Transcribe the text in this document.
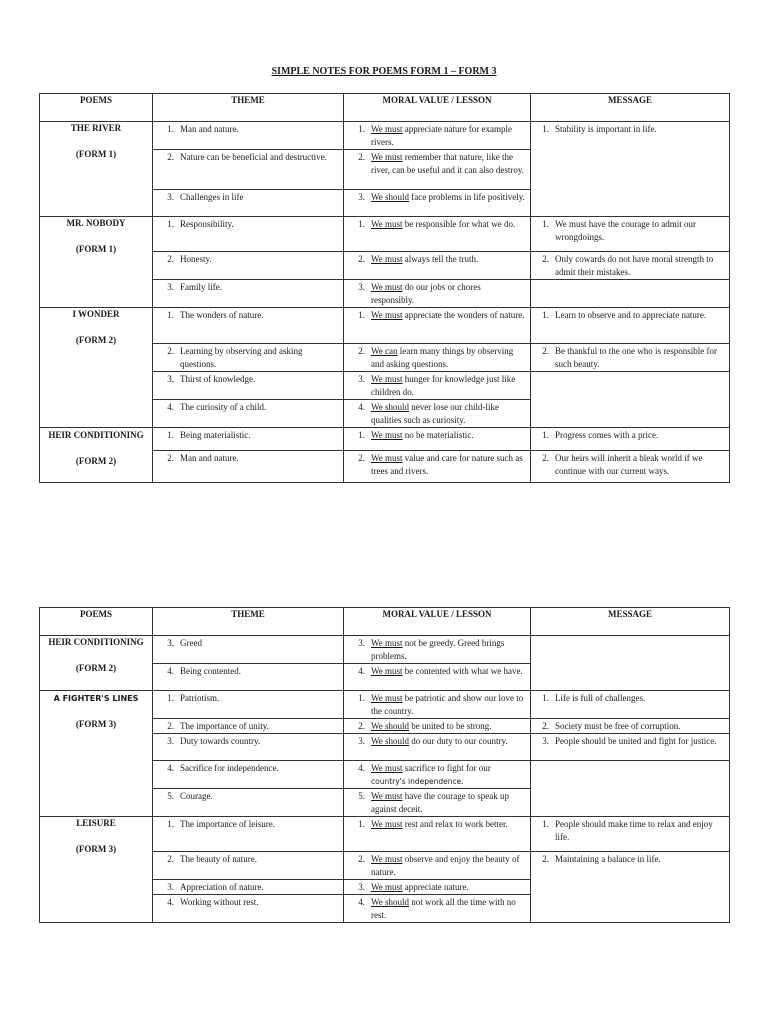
SIMPLE NOTES FOR POEMS FORM 1 – FORM 3
POEMS	THEME	MORAL VALUE / LESSON	MESSAGE

THE RIVER
(FORM 1)	1. Man and nature.	1. We must appreciate nature for example rivers.	1. Stability is important in life.

	2. Nature can be beneficial and destructive.	2. We must remember that nature, like the river, can be useful and it can also destroy.	

	3. Challenges in life	3. We should face problems in life positively.	

MR. NOBODY
(FORM 1)	1. Responsibility.	1. We must be responsible for what we do.	1. We must have the courage to admit our wrongdoings.

	2. Honesty.	2. We must always tell the truth.	2. Only cowards do not have moral strength to admit their mistakes.

	3. Family life.	3. We must do our jobs or chores responsibly.	

I WONDER
(FORM 2)	1. The wonders of nature.	1. We must appreciate the wonders of nature.	1. Learn to observe and to appreciate nature.

	2. Learning by observing and asking questions.	2. We can learn many things by observing and asking questions.	2. Be thankful to the one who is responsible for such beauty.

	3. Thirst of knowledge.	3. We must hunger for knowledge just like children do.	

	4. The curiosity of a child.	4. We should never lose our child-like qualities such as curiosity.	

HEIR CONDITIONING
(FORM 2)	1. Being materialistic.	1. We must no be materialistic.	1. Progress comes with a price.

	2. Man and nature.	2. We must value and care for nature such as trees and rivers.	2. Our heirs will inherit a bleak world if we continue with our current ways.
POEMS	THEME	MORAL VALUE / LESSON	MESSAGE

HEIR CONDITIONING
(FORM 2)	3. Greed	3. We must not be greedy. Greed brings problems.	

	4. Being contented.	4. We must be contented with what we have.	

A FIGHTER'S LINES
(FORM 3)	1. Patriotism.	1. We must be patriotic and show our love to the country.	1. Life is full of challenges.

	2. The importance of unity.	2. We should be united to be strong.	2. Society must be free of corruption.

	3. Duty towards country.	3. We should do our duty to our country.	3. People should be united and fight for justice.

	4. Sacrifice for independence.	4. We must sacrifice to fight for our country's independence.	

	5. Courage.	5. We must have the courage to speak up against deceit.	

LEISURE
(FORM 3)	1. The importance of leisure.	1. We must rest and relax to work better.	1. People should make time to relax and enjoy life.

	2. The beauty of nature.	2. We must observe and enjoy the beauty of nature.	2. Maintaining a balance in life.

	3. Appreciation of nature.	3. We must appreciate nature.	

	4. Working without rest.	4. We should not work all the time with no rest.	
